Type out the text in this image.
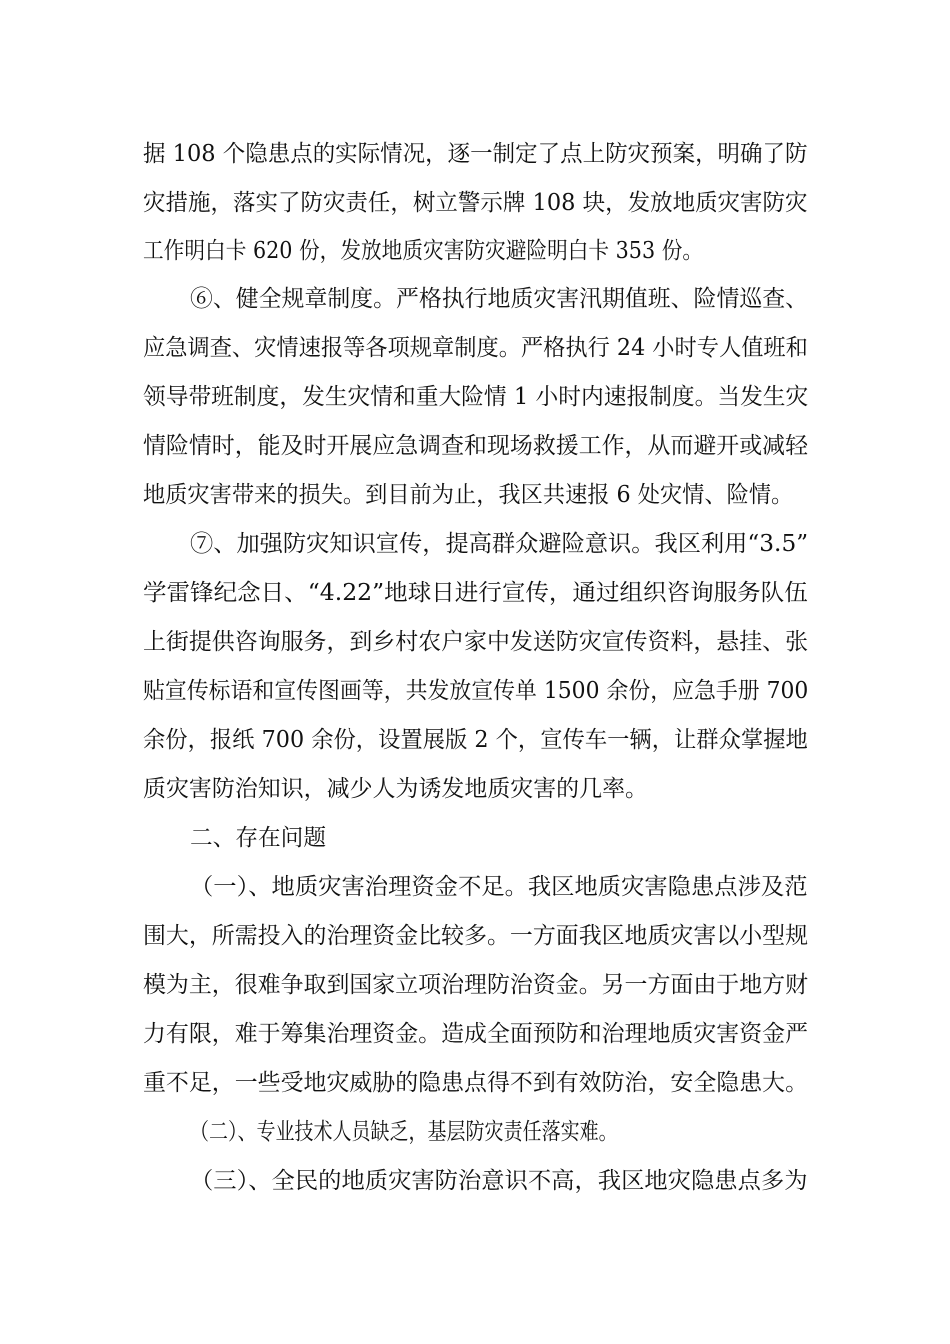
据 108 个隐患点的实际情况，逐一制定了点上防灾预案，明确了防
灾措施，落实了防灾责任，树立警示牌 108 块，发放地质灾害防灾
工作明白卡 620 份，发放地质灾害防灾避险明白卡 353 份。
⑥、健全规章制度。严格执行地质灾害汛期值班、险情巡查、
应急调查、灾情速报等各项规章制度。严格执行 24 小时专人值班和
领导带班制度，发生灾情和重大险情 1 小时内速报制度。当发生灾
情险情时，能及时开展应急调查和现场救援工作，从而避开或减轻
地质灾害带来的损失。到目前为止，我区共速报 6 处灾情、险情。
⑦、加强防灾知识宣传，提高群众避险意识。我区利用“3.5”
学雷锋纪念日、“4.22”地球日进行宣传，通过组织咨询服务队伍
上街提供咨询服务，到乡村农户家中发送防灾宣传资料，悬挂、张
贴宣传标语和宣传图画等，共发放宣传单 1500 余份，应急手册 700
余份，报纸 700 余份，设置展版 2 个，宣传车一辆，让群众掌握地
质灾害防治知识，减少人为诱发地质灾害的几率。
二、存在问题
（一）、地质灾害治理资金不足。我区地质灾害隐患点涉及范
围大，所需投入的治理资金比较多。一方面我区地质灾害以小型规
模为主，很难争取到国家立项治理防治资金。另一方面由于地方财
力有限，难于筹集治理资金。造成全面预防和治理地质灾害资金严
重不足，一些受地灾威胁的隐患点得不到有效防治，安全隐患大。
（二）、专业技术人员缺乏，基层防灾责任落实难。
（三）、全民的地质灾害防治意识不高，我区地灾隐患点多为
